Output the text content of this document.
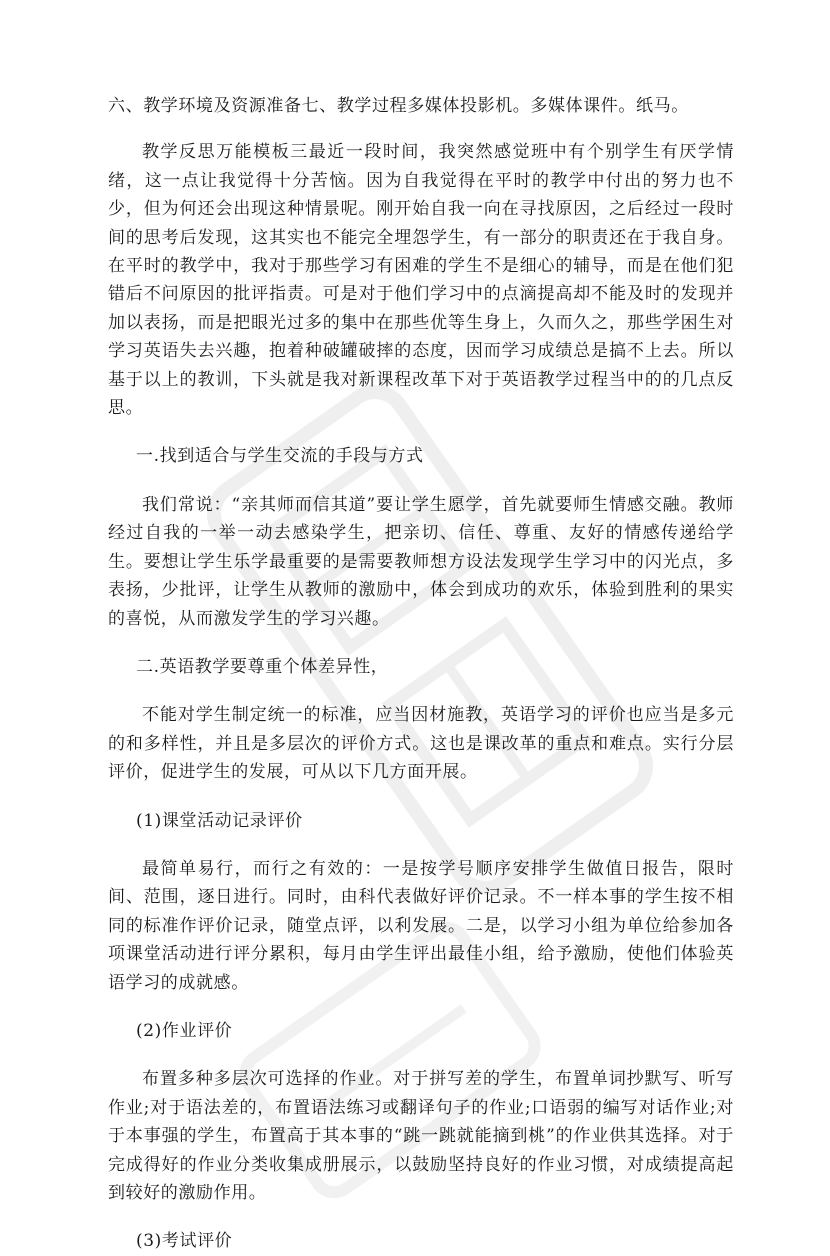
六、教学环境及资源准备七、教学过程多媒体投影机。多媒体课件。纸马。

教学反思万能模板三最近一段时间，我突然感觉班中有个别学生有厌学情绪，这一点让我觉得十分苦恼。因为自我觉得在平时的教学中付出的努力也不少，但为何还会出现这种情景呢。刚开始自我一向在寻找原因，之后经过一段时间的思考后发现，这其实也不能完全埋怨学生，有一部分的职责还在于我自身。在平时的教学中，我对于那些学习有困难的学生不是细心的辅导，而是在他们犯错后不问原因的批评指责。可是对于他们学习中的点滴提高却不能及时的发现并加以表扬，而是把眼光过多的集中在那些优等生身上，久而久之，那些学困生对学习英语失去兴趣，抱着种破罐破摔的态度，因而学习成绩总是搞不上去。所以基于以上的教训，下头就是我对新课程改革下对于英语教学过程当中的的几点反思。

一.找到适合与学生交流的手段与方式

我们常说：“亲其师而信其道”要让学生愿学，首先就要师生情感交融。教师经过自我的一举一动去感染学生，把亲切、信任、尊重、友好的情感传递给学生。要想让学生乐学最重要的是需要教师想方设法发现学生学习中的闪光点，多表扬，少批评，让学生从教师的激励中，体会到成功的欢乐，体验到胜利的果实的喜悦，从而激发学生的学习兴趣。

二.英语教学要尊重个体差异性，

不能对学生制定统一的标准，应当因材施教，英语学习的评价也应当是多元的和多样性，并且是多层次的评价方式。这也是课改革的重点和难点。实行分层评价，促进学生的发展，可从以下几方面开展。

(1)课堂活动记录评价

最简单易行，而行之有效的：一是按学号顺序安排学生做值日报告，限时间、范围，逐日进行。同时，由科代表做好评价记录。不一样本事的学生按不相同的标准作评价记录，随堂点评，以利发展。二是，以学习小组为单位给参加各项课堂活动进行评分累积，每月由学生评出最佳小组，给予激励，使他们体验英语学习的成就感。

(2)作业评价

布置多种多层次可选择的作业。对于拼写差的学生，布置单词抄默写、听写作业;对于语法差的，布置语法练习或翻译句子的作业;口语弱的编写对话作业;对于本事强的学生，布置高于其本事的“跳一跳就能摘到桃”的作业供其选择。对于完成得好的作业分类收集成册展示，以鼓励坚持良好的作业习惯，对成绩提高起到较好的激励作用。

(3)考试评价
